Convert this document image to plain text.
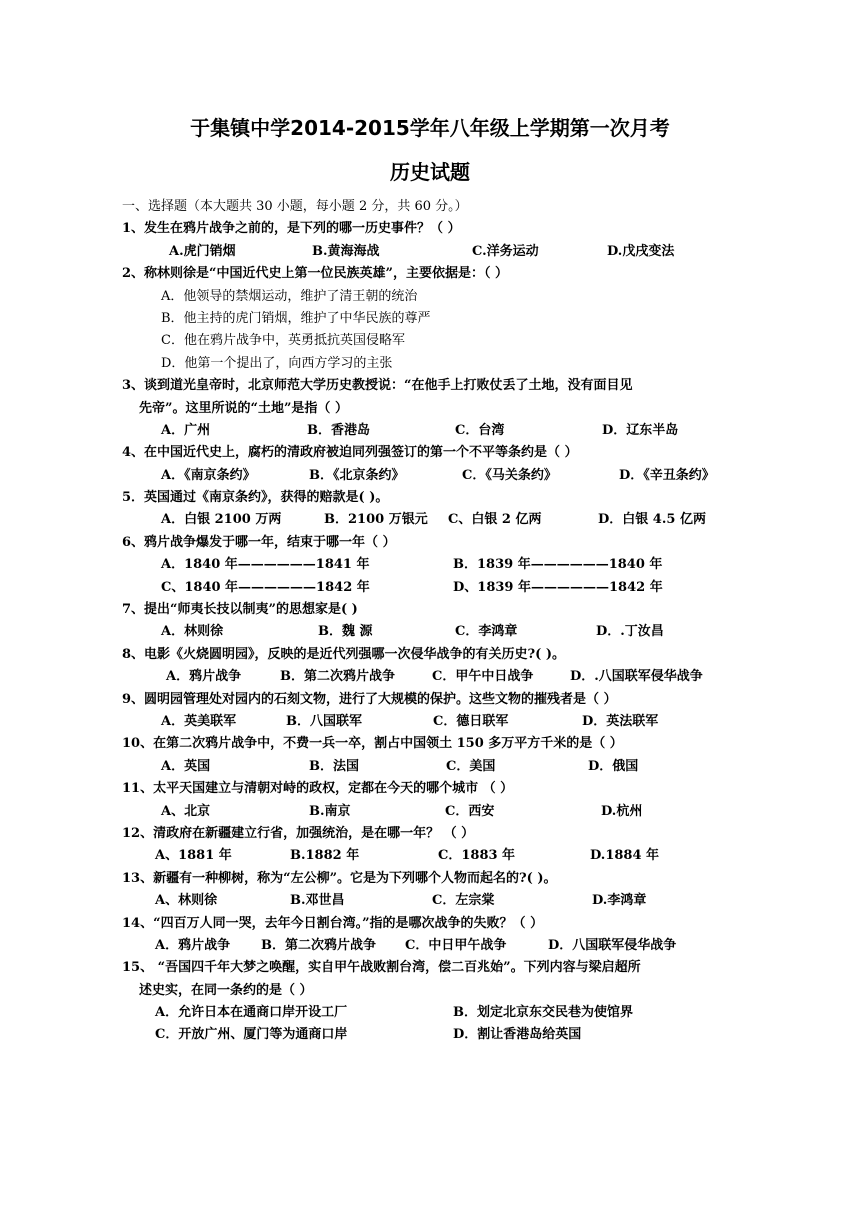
于集镇中学2014-2015学年八年级上学期第一次月考
历史试题
一、选择题（本大题共 30 小题，每小题 2 分，共 60 分。）
1、发生在鸦片战争之前的，是下列的哪一历史事件？（ ）
A.虎门销烟	B.黄海海战	C.洋务运动	D.戊戌变法
2、称林则徐是“中国近代史上第一位民族英雄”，主要依据是：（ ）
A．他领导的禁烟运动，维护了清王朝的统治
B．他主持的虎门销烟，维护了中华民族的尊严
C．他在鸦片战争中，英勇抵抗英国侵略军
D．他第一个提出了，向西方学习的主张
3、谈到道光皇帝时，北京师范大学历史教授说：“在他手上打败仗丢了土地，没有面目见
先帝”。这里所说的“土地”是指（ ）
A．广州	B．香港岛	C．台湾	D．辽东半岛
4、在中国近代史上，腐朽的清政府被迫同列强签订的第一个不平等条约是（ ）
A．《南京条约》	B．《北京条约》	C．《马关条约》	D．《辛丑条约》
5．英国通过《南京条约》，获得的赔款是( )。
A．白银 2100 万两	B．2100 万银元 C、白银 2 亿两	D．白银 4.5 亿两
6、鸦片战争爆发于哪一年，结束于哪一年（ ）
A．1840 年——————1841 年	B．1839 年——————1840 年
C、1840 年——————1842 年	D、1839 年——————1842 年
7、提出“师夷长技以制夷”的思想家是( )
A．林则徐	B．魏 源	C．李鸿章	D．.丁汝昌
8、电影《火烧圆明园》，反映的是近代列强哪一次侵华战争的有关历史?( )。
A．鸦片战争	B．第二次鸦片战争	C．甲午中日战争	D．.八国联军侵华战争
9、圆明园管理处对园内的石刻文物，进行了大规模的保护。这些文物的摧残者是（ ）
A．英美联军	B．八国联军	C．德日联军	D．英法联军
10、在第二次鸦片战争中，不费一兵一卒，割占中国领土 150 多万平方千米的是（ ）
A．英国	B．法国	C．美国	D．俄国
11、太平天国建立与清朝对峙的政权，定都在今天的哪个城市 （ ）
A、北京	B.南京	C．西安	D.杭州
12、清政府在新疆建立行省，加强统治，是在哪一年？ （ ）
A、1881 年	B.1882 年	C．1883 年	D.1884 年
13、新疆有一种柳树，称为“左公柳”。它是为下列哪个人物而起名的?( )。
A、林则徐	B.邓世昌	C．左宗棠	D.李鸿章
14、“四百万人同一哭，去年今日割台湾。”指的是哪次战争的失败？（ ）
A．鸦片战争 B．第二次鸦片战争 C．中日甲午战争	D．八国联军侵华战争
15、 “吾国四千年大梦之唤醒，实自甲午战败割台湾，偿二百兆始”。下列内容与梁启超所
述史实，在同一条约的是（ ）
A．允许日本在通商口岸开设工厂	B．划定北京东交民巷为使馆界
C．开放广州、厦门等为通商口岸	D．割让香港岛给英国
